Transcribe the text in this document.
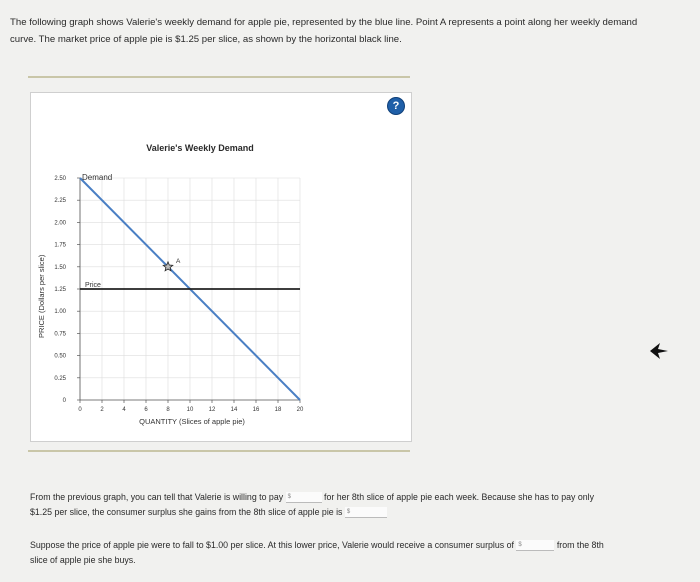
The following graph shows Valerie's weekly demand for apple pie, represented by the blue line. Point A represents a point along her weekly demand
curve. The market price of apple pie is $1.25 per slice, as shown by the horizontal black line.
?
Valerie's Weekly Demand
0
0.25
0.50
0.75
1.00
1.25
1.50
1.75
2.00
2.25
2.50
0	2	4	6	8	10	12	14	16	18	20
PRICE (Dollars per slice)
QUANTITY (Slices of apple pie)
Demand
Price
A
From the previous graph, you can tell that Valerie is willing to pay $	for her 8th slice of apple pie each week. Because she has to pay only
$1.25 per slice, the consumer surplus she gains from the 8th slice of apple pie is $
Suppose the price of apple pie were to fall to $1.00 per slice. At this lower price, Valerie would receive a consumer surplus of $	from the 8th
slice of apple pie she buys.
